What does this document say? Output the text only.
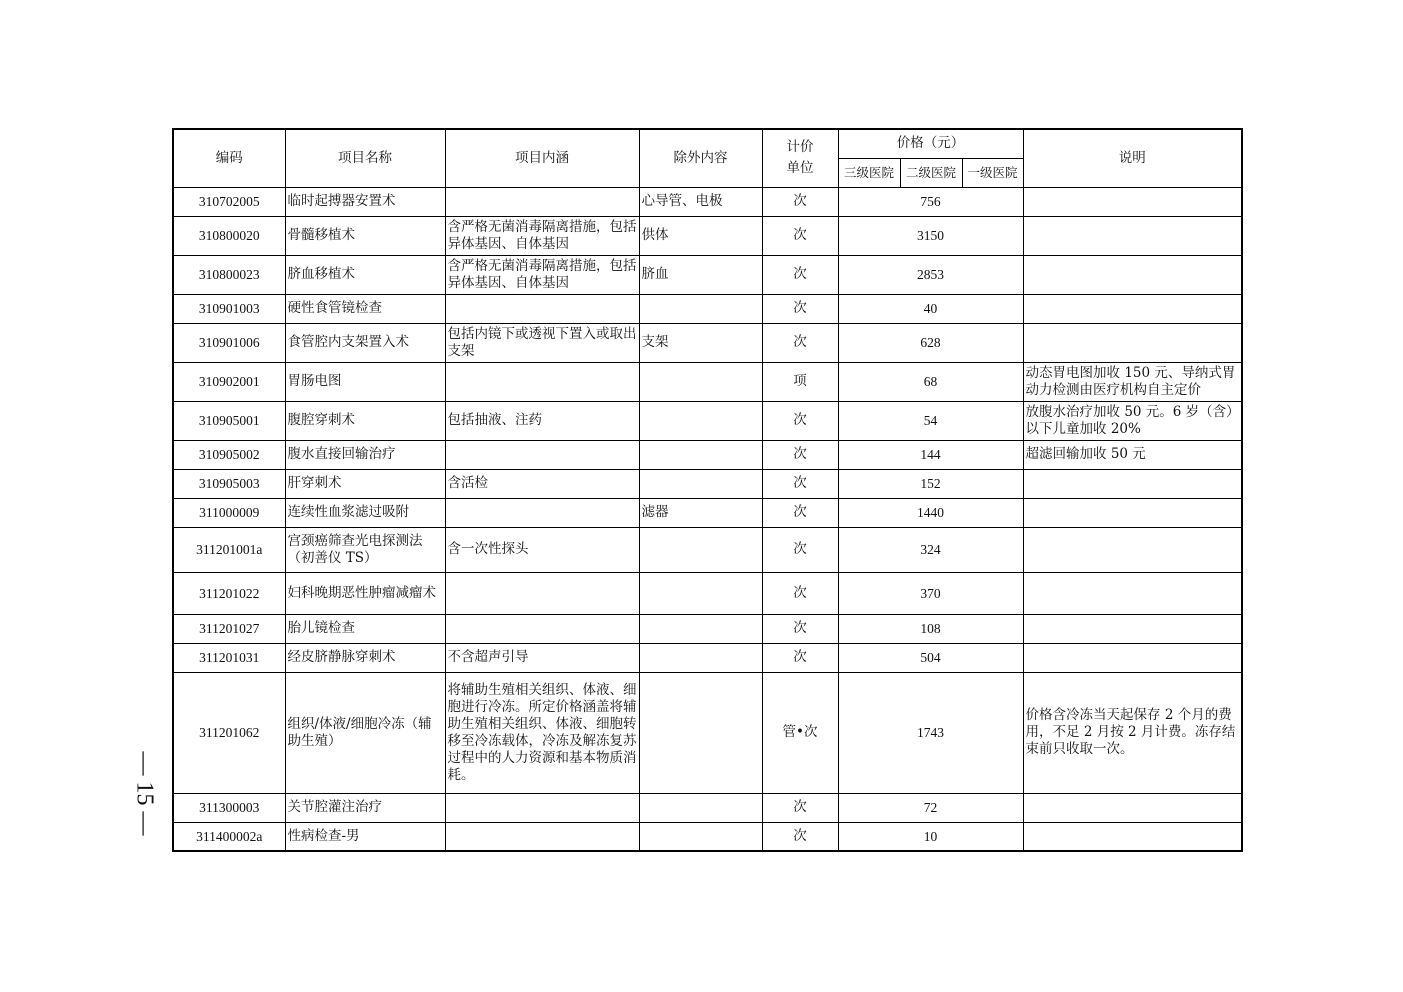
— 15 —
编码	项目名称	项目内涵	除外内容	计价单位	价格（元）			说明
					三级医院	二级医院	一级医院	
310702005	临时起搏器安置术		心导管、电极	次	756			
310800020	骨髓移植术	含严格无菌消毒隔离措施，包括异体基因、自体基因	供体	次	3150			
310800023	脐血移植术	含严格无菌消毒隔离措施，包括异体基因、自体基因	脐血	次	2853			
310901003	硬性食管镜检查			次	40			
310901006	食管腔内支架置入术	包括内镜下或透视下置入或取出支架	支架	次	628			
310902001	胃肠电图			项	68			动态胃电图加收 150 元、导纳式胃动力检测由医疗机构自主定价
310905001	腹腔穿刺术	包括抽液、注药		次	54			放腹水治疗加收 50 元。6 岁（含）以下儿童加收 20%
310905002	腹水直接回输治疗			次	144			超滤回输加收 50 元
310905003	肝穿刺术	含活检		次	152			
311000009	连续性血浆滤过吸附		滤器	次	1440			
311201001a	宫颈癌筛查光电探测法（初善仪 TS）	含一次性探头		次	324			
311201022	妇科晚期恶性肿瘤减瘤术			次	370			
311201027	胎儿镜检查			次	108			
311201031	经皮脐静脉穿刺术	不含超声引导		次	504			
311201062	组织/体液/细胞冷冻（辅助生殖）	将辅助生殖相关组织、体液、细胞进行冷冻。所定价格涵盖将辅助生殖相关组织、体液、细胞转移至冷冻载体，冷冻及解冻复苏过程中的人力资源和基本物质消耗。		管•次	1743			价格含冷冻当天起保存 2 个月的费用，不足 2 月按 2 月计费。冻存结束前只收取一次。
311300003	关节腔灌注治疗			次	72			
311400002a	性病检查-男			次	10			
